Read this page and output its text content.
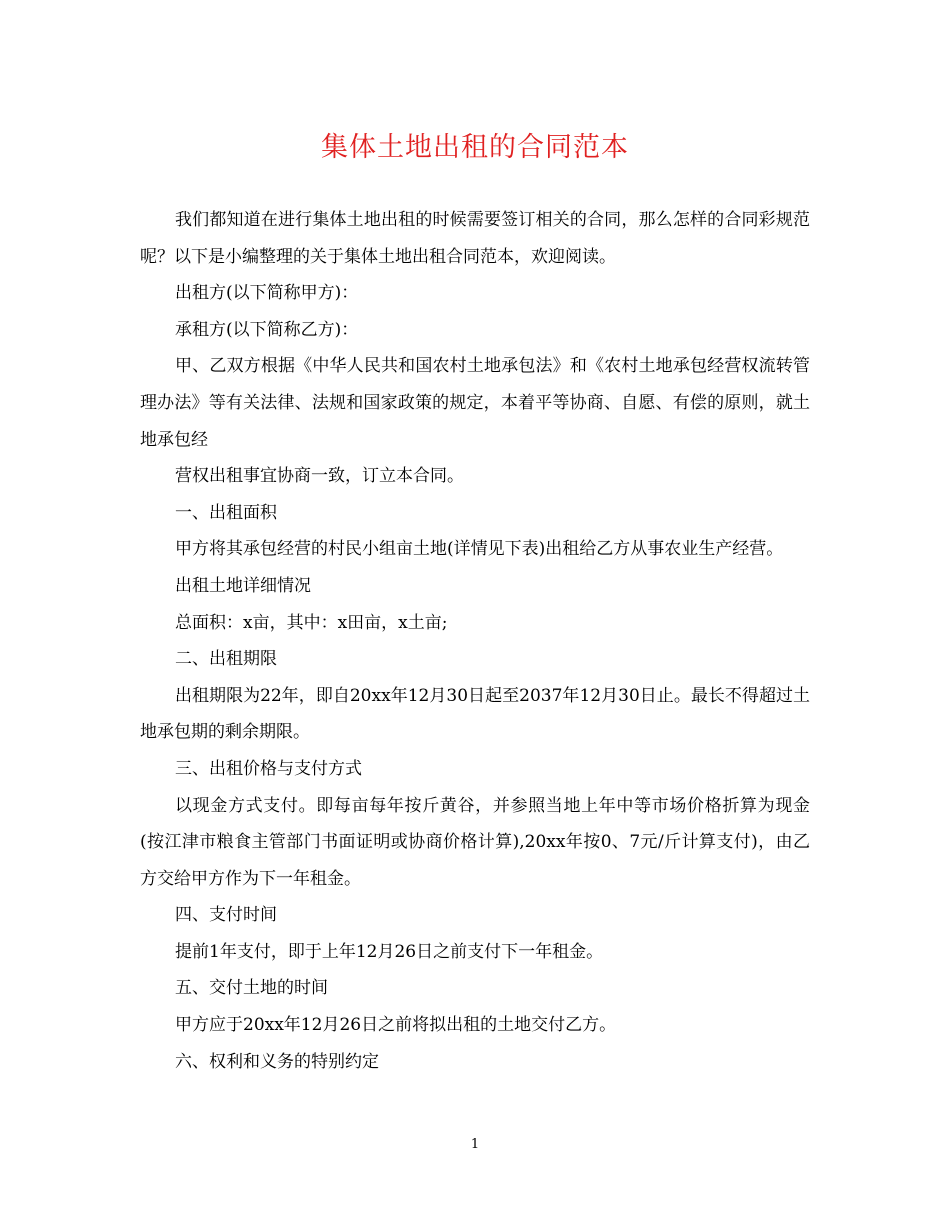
集体土地出租的合同范本

我们都知道在进行集体土地出租的时候需要签订相关的合同，那么怎样的合同彩规范呢？以下是小编整理的关于集体土地出租合同范本，欢迎阅读。

出租方(以下简称甲方)：

承租方(以下简称乙方)：

甲、乙双方根据《中华人民共和国农村土地承包法》和《农村土地承包经营权流转管理办法》等有关法律、法规和国家政策的规定，本着平等协商、自愿、有偿的原则，就土地承包经

营权出租事宜协商一致，订立本合同。

一、出租面积

甲方将其承包经营的村民小组亩土地(详情见下表)出租给乙方从事农业生产经营。

出租土地详细情况

总面积：x亩，其中：x田亩，x土亩;

二、出租期限

出租期限为22年，即自20xx年12月30日起至2037年12月30日止。最长不得超过土地承包期的剩余期限。

三、出租价格与支付方式

以现金方式支付。即每亩每年按斤黄谷，并参照当地上年中等市场价格折算为现金(按江津市粮食主管部门书面证明或协商价格计算),20xx年按0、7元/斤计算支付)，由乙方交给甲方作为下一年租金。

四、支付时间

提前1年支付，即于上年12月26日之前支付下一年租金。

五、交付土地的时间

甲方应于20xx年12月26日之前将拟出租的土地交付乙方。

六、权利和义务的特别约定

1
